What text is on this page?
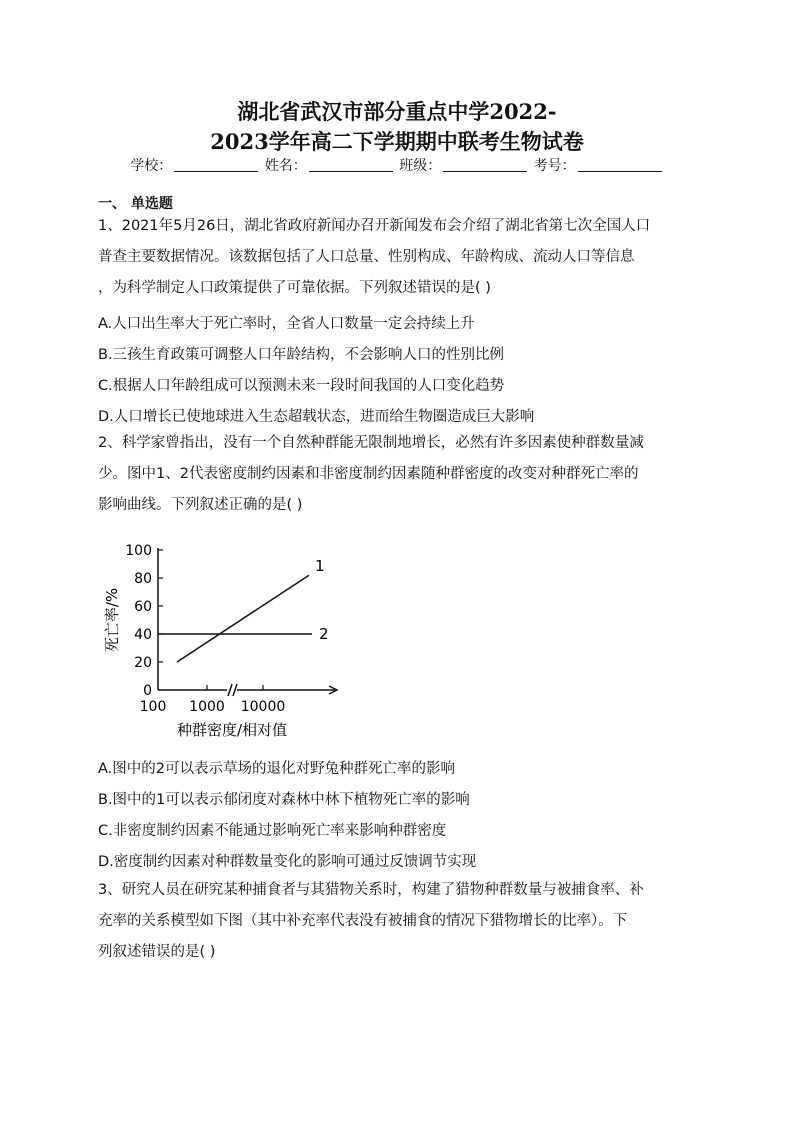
湖北省武汉市部分重点中学2022-
2023学年高二下学期期中联考生物试卷
学校：	姓名：	班级：	考号：
一、 单选题
1、2021年5月26日，湖北省政府新闻办召开新闻发布会介绍了湖北省第七次全国人口
普查主要数据情况。该数据包括了人口总量、性别构成、年龄构成、流动人口等信息
，为科学制定人口政策提供了可靠依据。下列叙述错误的是( )
A.人口出生率大于死亡率时，全省人口数量一定会持续上升
B.三孩生育政策可调整人口年龄结构，不会影响人口的性别比例
C.根据人口年龄组成可以预测未来一段时间我国的人口变化趋势
D.人口增长已使地球进入生态超载状态，进而给生物圈造成巨大影响
2、科学家曾指出，没有一个自然种群能无限制地增长，必然有许多因素使种群数量减
少。图中1、2代表密度制约因素和非密度制约因素随种群密度的改变对种群死亡率的
影响曲线。下列叙述正确的是( )
0
20
40
60
80
100
100 1000 10000
1
2
死亡率/%
种群密度/相对值
A.图中的2可以表示草场的退化对野兔种群死亡率的影响
B.图中的1可以表示郁闭度对森林中林下植物死亡率的影响
C.非密度制约因素不能通过影响死亡率来影响种群密度
D.密度制约因素对种群数量变化的影响可通过反馈调节实现
3、研究人员在研究某种捕食者与其猎物关系时，构建了猎物种群数量与被捕食率、补
充率的关系模型如下图（其中补充率代表没有被捕食的情况下猎物增长的比率）。下
列叙述错误的是( )
